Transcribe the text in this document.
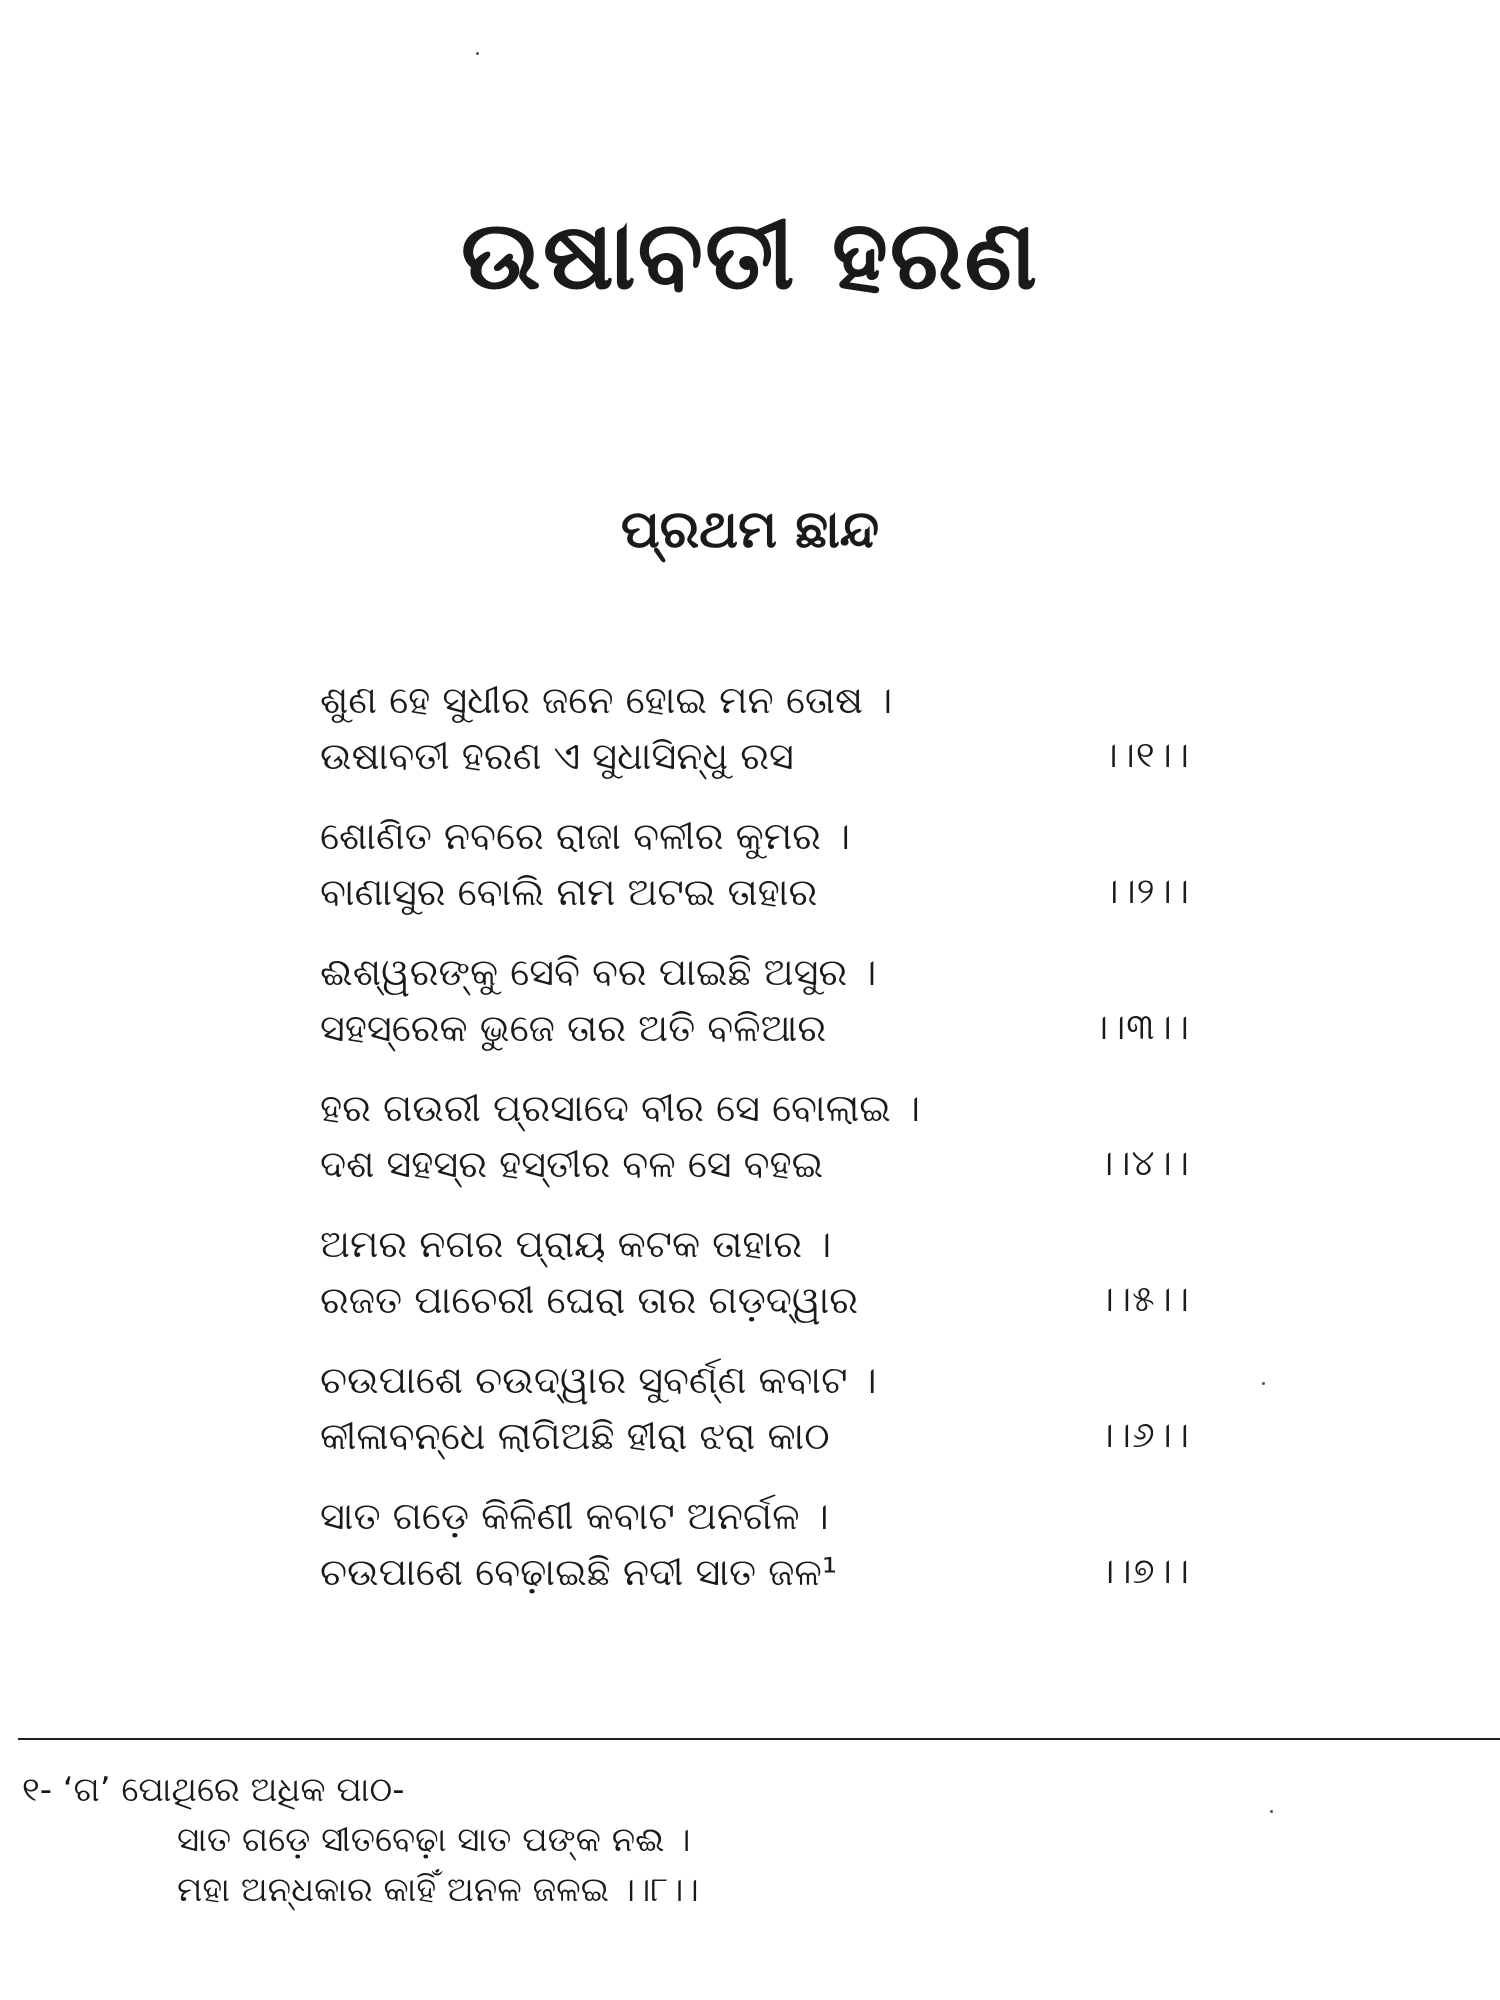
ଉଷାବତୀ ହରଣ
ପ୍ରଥମ ଛାନ୍ଦ
ଶୁଣ ହେ ସୁଧୀର ଜନେ ହୋଇ ମନ ତୋଷ ।
ଉଷାବତୀ ହରଣ ଏ ସୁଧାସିନ୍ଧୁ ରସ	।।୧।।
ଶୋଣିତ ନବରେ ରାଜା ବଳୀର କୁମର ।
ବାଣାସୁର ବୋଲି ନାମ ଅଟଇ ତାହାର	।।୨।।
ଈଶ୍ୱରଙ୍କୁ ସେବି ବର ପାଇଛି ଅସୁର ।
ସହସ୍ରେକ ଭୁଜେ ତାର ଅତି ବଳିଆର	।।୩।।
ହର ଗଉରୀ ପ୍ରସାଦେ ବୀର ସେ ବୋଲାଇ ।
ଦଶ ସହସ୍ର ହସ୍ତୀର ବଳ ସେ ବହଇ	।।୪।।
ଅମର ନଗର ପ୍ରାୟ କଟକ ତାହାର ।
ରଜତ ପାଚେରୀ ଘେରା ତାର ଗଡ଼ଦ୍ୱାର	।।୫।।
ଚଉପାଶେ ଚଉଦ୍ୱାର ସୁବର୍ଣ୍ଣ କବାଟ ।
କୀଳାବନ୍ଧେ ଲାଗିଅଛି ହୀରା ଝରା କାଠ	।।୬।।
ସାତ ଗଡ଼େ କିଳିଣୀ କବାଟ ଅନର୍ଗଳ ।
ଚଉପାଶେ ବେଢ଼ାଇଛି ନଦୀ ସାତ ଜଳ¹	।।୭।।
୧- ‘ଗ’ ପୋଥିରେ ଅଧିକ ପାଠ-
ସାତ ଗଡ଼େ ସୀତବେଢ଼ା ସାତ ପଙ୍କ ନଈ ।
ମହା ଅନ୍ଧକାର କାହିଁ ଅନଳ ଜଳଇ ।।୮।।
